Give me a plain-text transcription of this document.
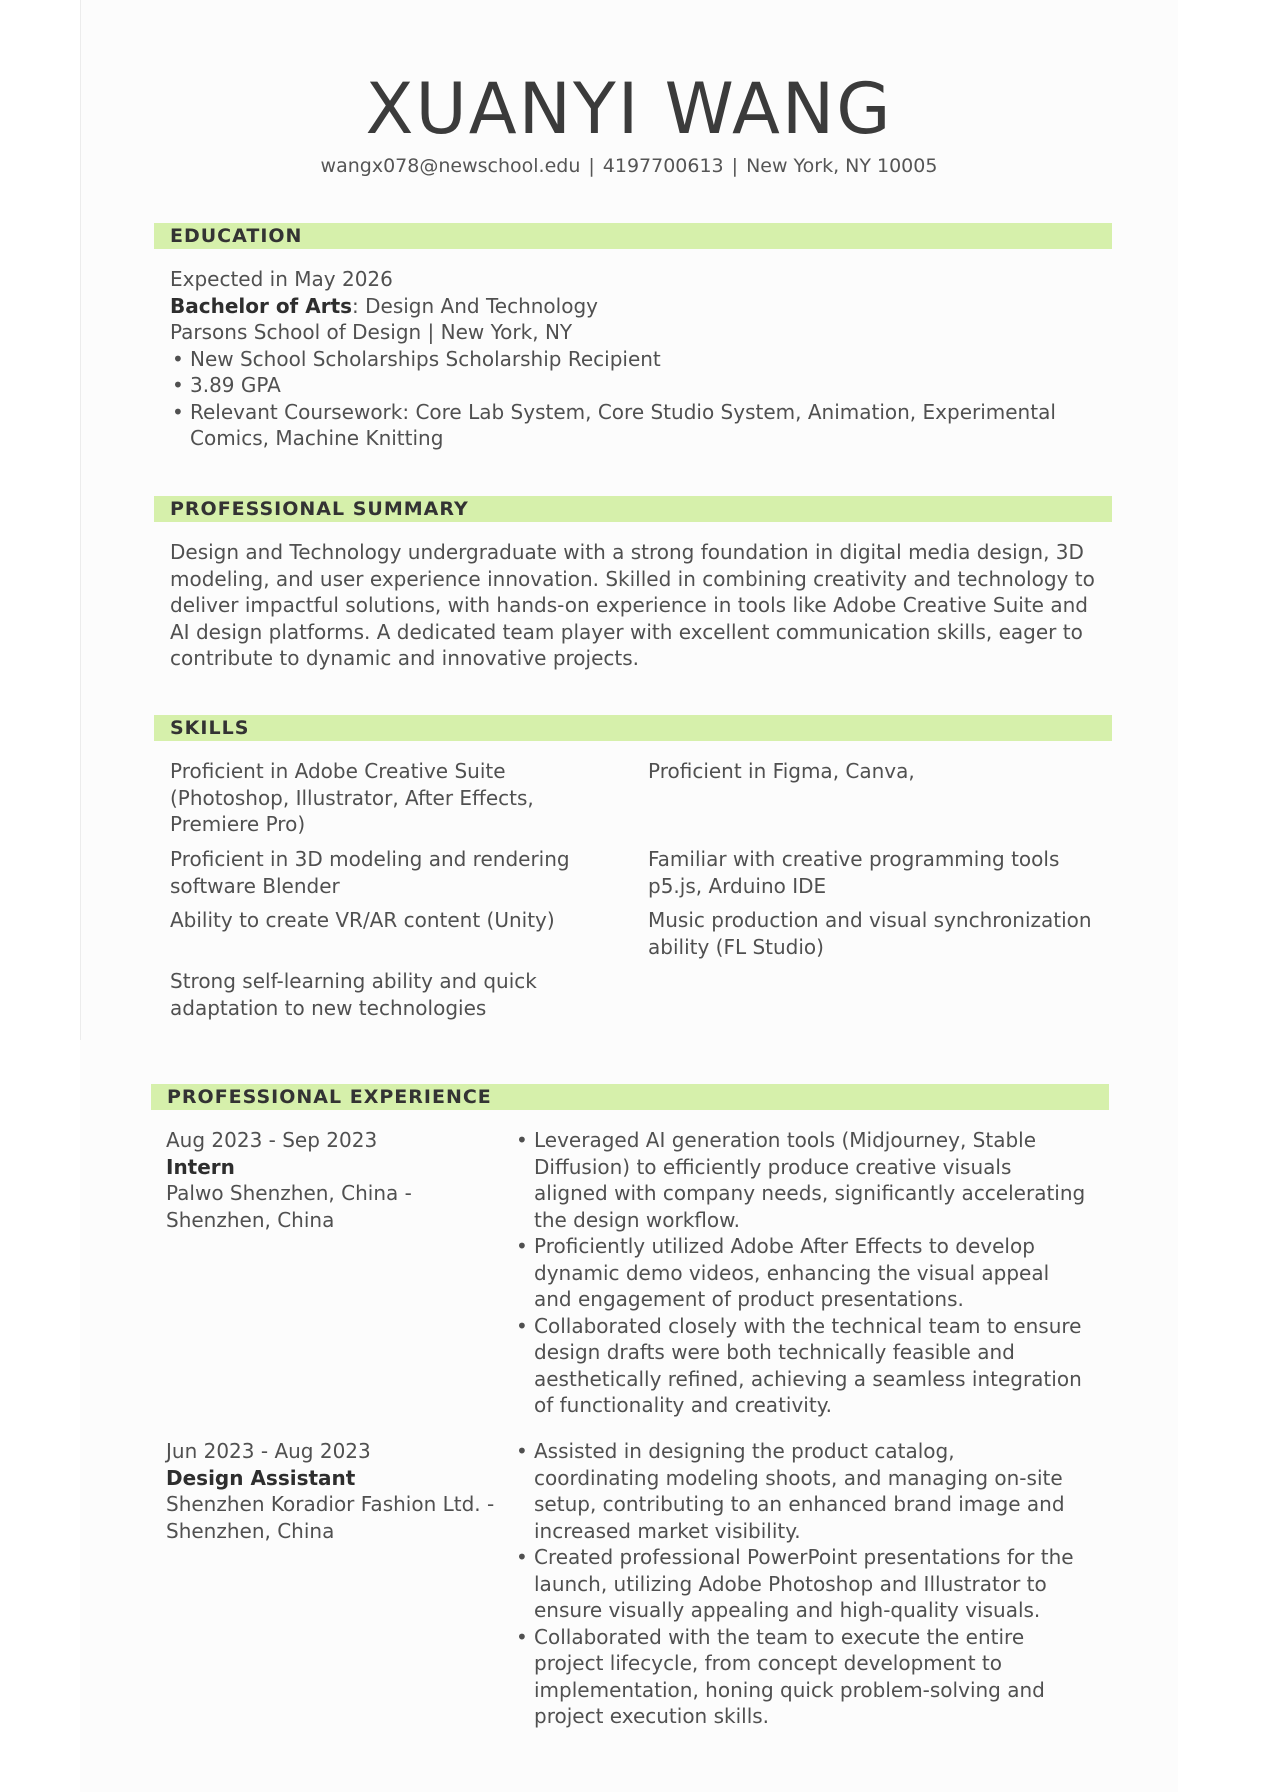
XUANYI WANG
wangx078@newschool.edu | 4197700613 | New York, NY 10005
EDUCATION
Expected in May 2026
Bachelor of Arts: Design And Technology
Parsons School of Design | New York, NY
• New School Scholarships Scholarship Recipient
• 3.89 GPA
• Relevant Coursework: Core Lab System, Core Studio System, Animation, Experimental Comics, Machine Knitting
PROFESSIONAL SUMMARY
Design and Technology undergraduate with a strong foundation in digital media design, 3D modeling, and user experience innovation. Skilled in combining creativity and technology to deliver impactful solutions, with hands-on experience in tools like Adobe Creative Suite and AI design platforms. A dedicated team player with excellent communication skills, eager to contribute to dynamic and innovative projects.
SKILLS
Proficient in Adobe Creative Suite (Photoshop, Illustrator, After Effects, Premiere Pro)
Proficient in Figma, Canva,
Proficient in 3D modeling and rendering software Blender
Familiar with creative programming tools p5.js, Arduino IDE
Ability to create VR/AR content (Unity)	Music production and visual synchronization ability (FL Studio)
Strong self-learning ability and quick adaptation to new technologies
PROFESSIONAL EXPERIENCE
Aug 2023 - Sep 2023
Intern
Palwo Shenzhen, China - Shenzhen, China
• Leveraged AI generation tools (Midjourney, Stable Diffusion) to efficiently produce creative visuals aligned with company needs, significantly accelerating the design workflow.
• Proficiently utilized Adobe After Effects to develop dynamic demo videos, enhancing the visual appeal and engagement of product presentations.
• Collaborated closely with the technical team to ensure design drafts were both technically feasible and aesthetically refined, achieving a seamless integration of functionality and creativity.
Jun 2023 - Aug 2023
Design Assistant
Shenzhen Koradior Fashion Ltd. - Shenzhen, China
• Assisted in designing the product catalog, coordinating modeling shoots, and managing on-site setup, contributing to an enhanced brand image and increased market visibility.
• Created professional PowerPoint presentations for the launch, utilizing Adobe Photoshop and Illustrator to ensure visually appealing and high-quality visuals.
• Collaborated with the team to execute the entire project lifecycle, from concept development to implementation, honing quick problem-solving and project execution skills.
